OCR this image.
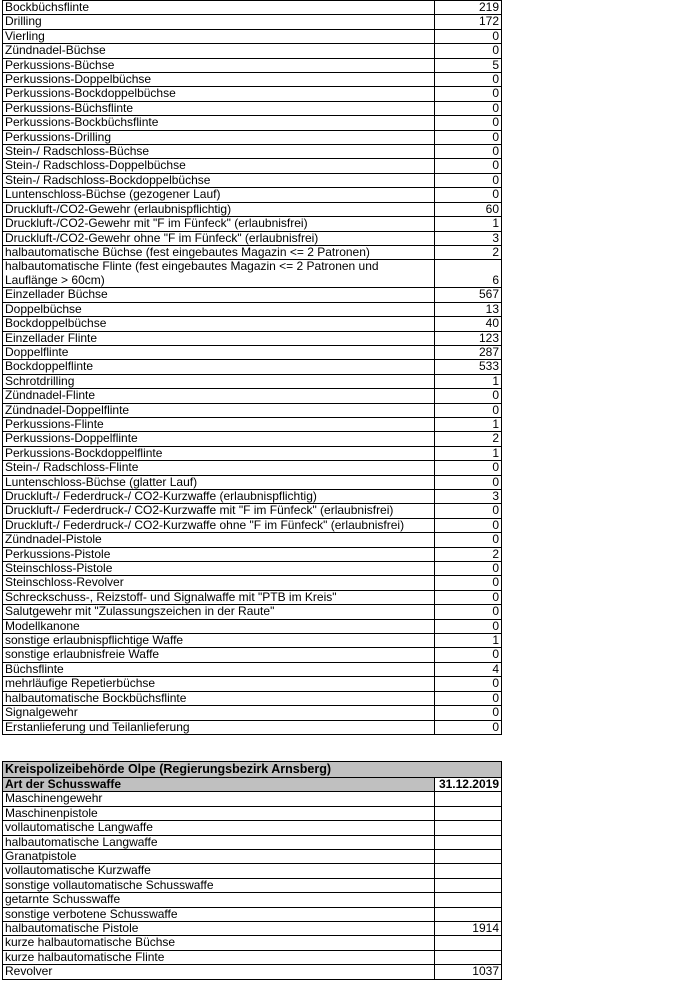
Bockbüchsflinte	219
Drilling	172
Vierling	0
Zündnadel-Büchse	0
Perkussions-Büchse	5
Perkussions-Doppelbüchse	0
Perkussions-Bockdoppelbüchse	0
Perkussions-Büchsflinte	0
Perkussions-Bockbüchsflinte	0
Perkussions-Drilling	0
Stein-/ Radschloss-Büchse	0
Stein-/ Radschloss-Doppelbüchse	0
Stein-/ Radschloss-Bockdoppelbüchse	0
Luntenschloss-Büchse (gezogener Lauf)	0
Druckluft-/CO2-Gewehr (erlaubnispflichtig)	60
Druckluft-/CO2-Gewehr mit "F im Fünfeck" (erlaubnisfrei)	1
Druckluft-/CO2-Gewehr ohne "F im Fünfeck" (erlaubnisfrei)	3
halbautomatische Büchse (fest eingebautes Magazin <= 2 Patronen)	2
halbautomatische Flinte (fest eingebautes Magazin <= 2 Patronen und Lauflänge > 60cm)	6
Einzellader Büchse	567
Doppelbüchse	13
Bockdoppelbüchse	40
Einzellader Flinte	123
Doppelflinte	287
Bockdoppelflinte	533
Schrotdrilling	1
Zündnadel-Flinte	0
Zündnadel-Doppelflinte	0
Perkussions-Flinte	1
Perkussions-Doppelflinte	2
Perkussions-Bockdoppelflinte	1
Stein-/ Radschloss-Flinte	0
Luntenschloss-Büchse (glatter Lauf)	0
Druckluft-/ Federdruck-/ CO2-Kurzwaffe (erlaubnispflichtig)	3
Druckluft-/ Federdruck-/ CO2-Kurzwaffe mit "F im Fünfeck" (erlaubnisfrei)	0
Druckluft-/ Federdruck-/ CO2-Kurzwaffe ohne "F im Fünfeck" (erlaubnisfrei)	0
Zündnadel-Pistole	0
Perkussions-Pistole	2
Steinschloss-Pistole	0
Steinschloss-Revolver	0
Schreckschuss-, Reizstoff- und Signalwaffe mit "PTB im Kreis"	0
Salutgewehr mit "Zulassungszeichen in der Raute"	0
Modellkanone	0
sonstige erlaubnispflichtige Waffe	1
sonstige erlaubnisfreie Waffe	0
Büchsflinte	4
mehrläufige Repetierbüchse	0
halbautomatische Bockbüchsflinte	0
Signalgewehr	0
Erstanlieferung und Teilanlieferung	0
Kreispolizeibehörde Olpe (Regierungsbezirk Arnsberg)	
Art der Schusswaffe	31.12.2019
Maschinengewehr	
Maschinenpistole	
vollautomatische Langwaffe	
halbautomatische Langwaffe	
Granatpistole	
vollautomatische Kurzwaffe	
sonstige vollautomatische Schusswaffe	
getarnte Schusswaffe	
sonstige verbotene Schusswaffe	
halbautomatische Pistole	1914
kurze halbautomatische Büchse	
kurze halbautomatische Flinte	
Revolver	1037
